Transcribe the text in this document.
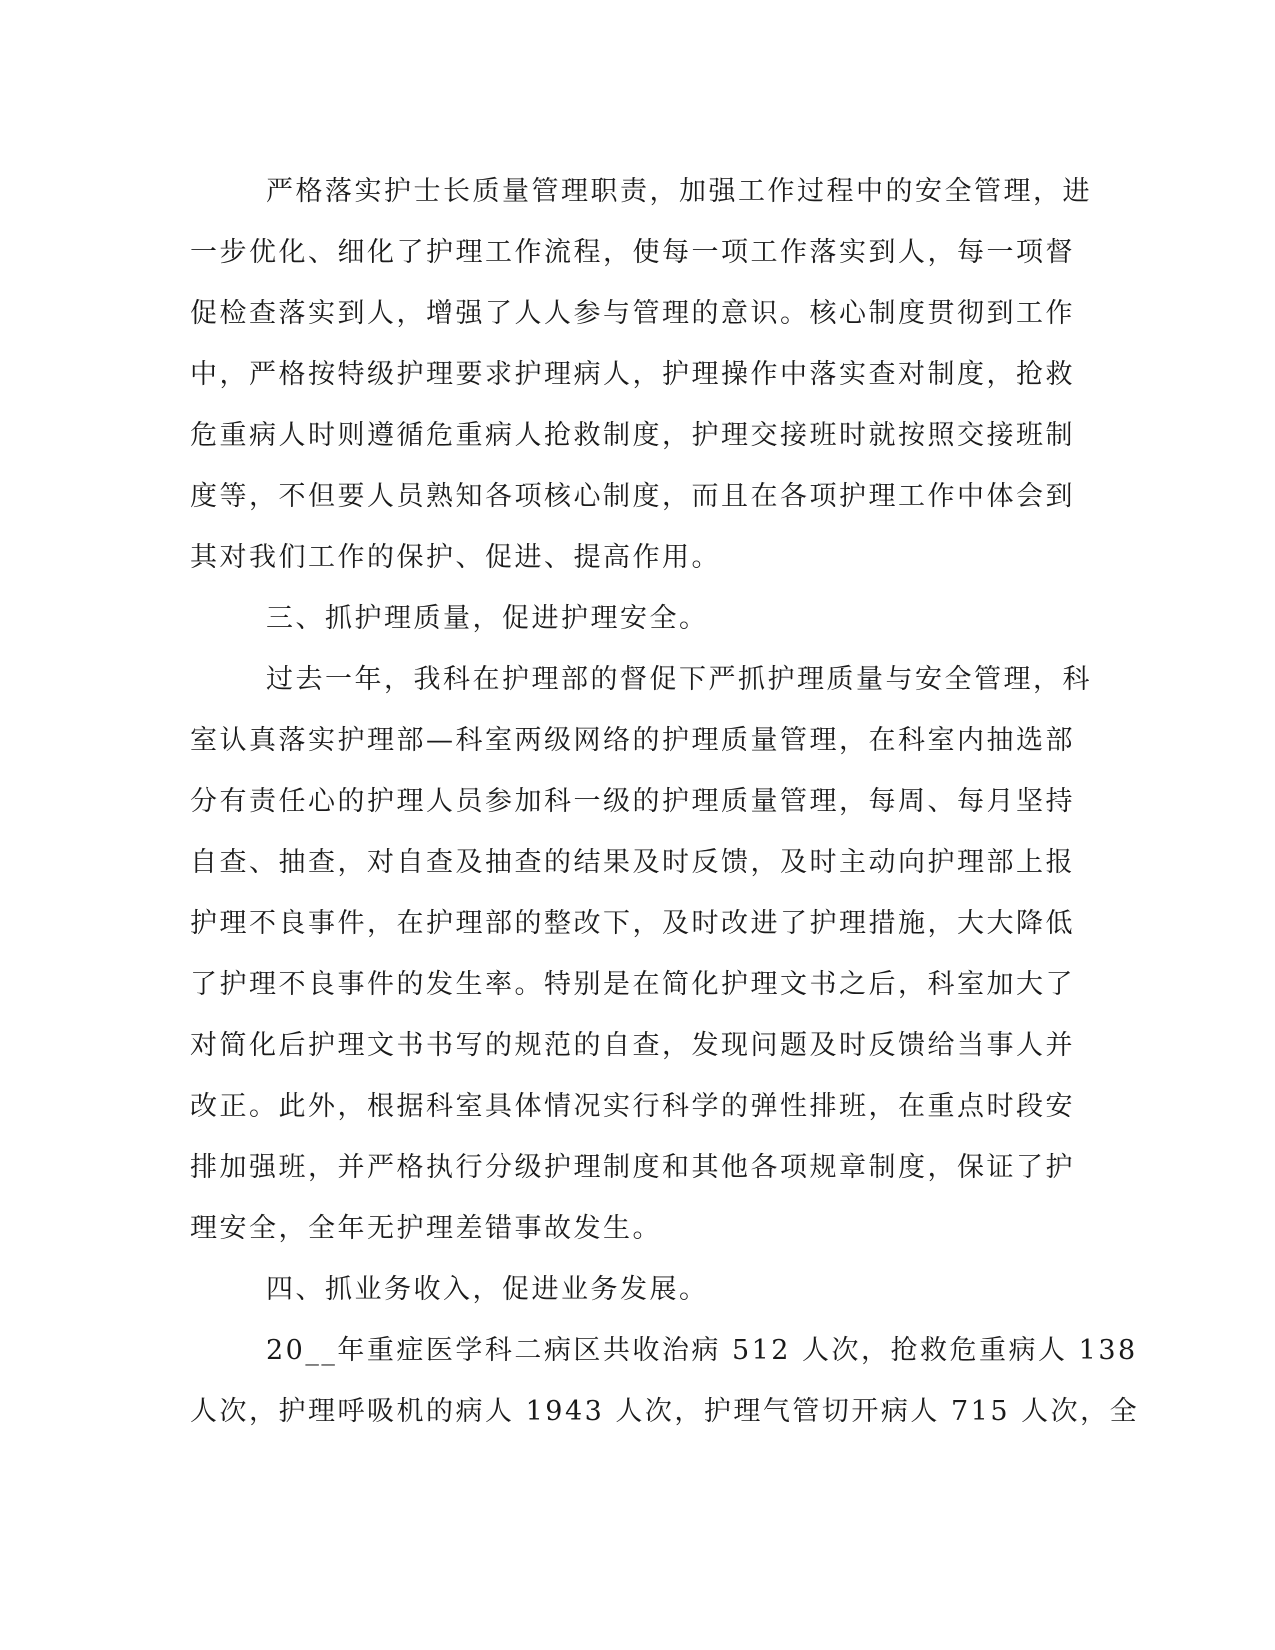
严格落实护士长质量管理职责，加强工作过程中的安全管理，进
一步优化、细化了护理工作流程，使每一项工作落实到人，每一项督
促检查落实到人，增强了人人参与管理的意识。核心制度贯彻到工作
中，严格按特级护理要求护理病人，护理操作中落实查对制度，抢救
危重病人时则遵循危重病人抢救制度，护理交接班时就按照交接班制
度等，不但要人员熟知各项核心制度，而且在各项护理工作中体会到
其对我们工作的保护、促进、提高作用。
三、抓护理质量，促进护理安全。
过去一年，我科在护理部的督促下严抓护理质量与安全管理，科
室认真落实护理部—科室两级网络的护理质量管理，在科室内抽选部
分有责任心的护理人员参加科一级的护理质量管理，每周、每月坚持
自查、抽查，对自查及抽查的结果及时反馈，及时主动向护理部上报
护理不良事件，在护理部的整改下，及时改进了护理措施，大大降低
了护理不良事件的发生率。特别是在简化护理文书之后，科室加大了
对简化后护理文书书写的规范的自查，发现问题及时反馈给当事人并
改正。此外，根据科室具体情况实行科学的弹性排班，在重点时段安
排加强班，并严格执行分级护理制度和其他各项规章制度，保证了护
理安全，全年无护理差错事故发生。
四、抓业务收入，促进业务发展。
20__年重症医学科二病区共收治病 512 人次，抢救危重病人 138
人次，护理呼吸机的病人 1943 人次，护理气管切开病人 715 人次，全
